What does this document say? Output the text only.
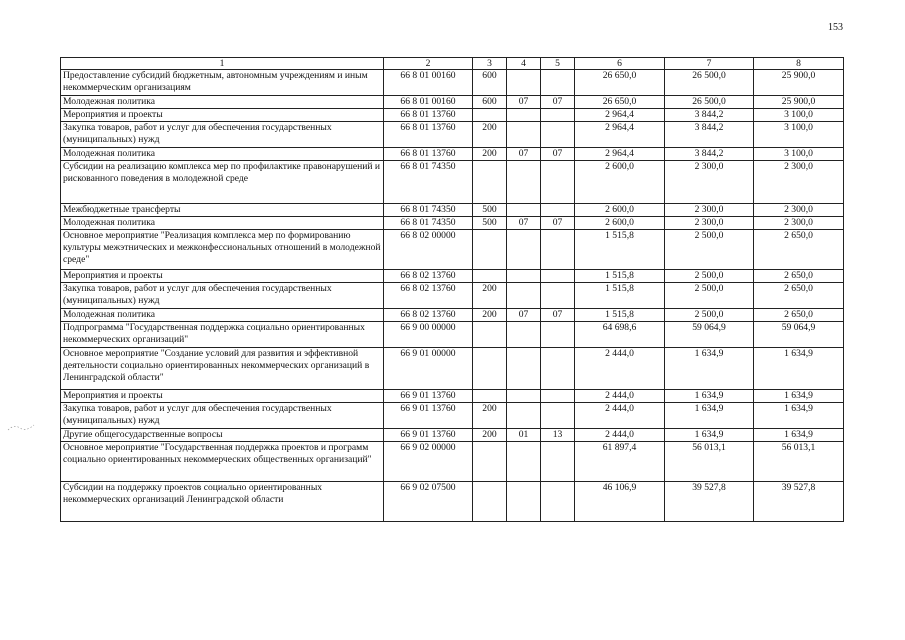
153
1	2	3	4	5	6	7	8
Предоставление субсидий бюджетным, автономным учреждениям и иным некоммерческим организациям	66 8 01 00160	600			26 650,0	26 500,0	25 900,0
Молодежная политика	66 8 01 00160	600	07	07	26 650,0	26 500,0	25 900,0
Мероприятия и проекты	66 8 01 13760				2 964,4	3 844,2	3 100,0
Закупка товаров, работ и услуг для обеспечения государственных (муниципальных) нужд	66 8 01 13760	200			2 964,4	3 844,2	3 100,0
Молодежная политика	66 8 01 13760	200	07	07	2 964,4	3 844,2	3 100,0
Субсидии на реализацию комплекса мер по профилактике правонарушений и рискованного поведения в молодежной среде	66 8 01 74350				2 600,0	2 300,0	2 300,0
Межбюджетные трансферты	66 8 01 74350	500			2 600,0	2 300,0	2 300,0
Молодежная политика	66 8 01 74350	500	07	07	2 600,0	2 300,0	2 300,0
Основное мероприятие "Реализация комплекса мер по формированию культуры межэтнических и межконфессиональных отношений в молодежной среде"	66 8 02 00000				1 515,8	2 500,0	2 650,0
Мероприятия и проекты	66 8 02 13760				1 515,8	2 500,0	2 650,0
Закупка товаров, работ и услуг для обеспечения государственных (муниципальных) нужд	66 8 02 13760	200			1 515,8	2 500,0	2 650,0
Молодежная политика	66 8 02 13760	200	07	07	1 515,8	2 500,0	2 650,0
Подпрограмма "Государственная поддержка социально ориентированных некоммерческих организаций"	66 9 00 00000				64 698,6	59 064,9	59 064,9
Основное мероприятие "Создание условий для развития и эффективной деятельности социально ориентированных некоммерческих организаций в Ленинградской области"	66 9 01 00000				2 444,0	1 634,9	1 634,9
Мероприятия и проекты	66 9 01 13760				2 444,0	1 634,9	1 634,9
Закупка товаров, работ и услуг для обеспечения государственных (муниципальных) нужд	66 9 01 13760	200			2 444,0	1 634,9	1 634,9
Другие общегосударственные вопросы	66 9 01 13760	200	01	13	2 444,0	1 634,9	1 634,9
Основное мероприятие "Государственная поддержка проектов и программ социально ориентированных некоммерческих общественных организаций"	66 9 02 00000				61 897,4	56 013,1	56 013,1
Субсидии на поддержку проектов социально ориентированных некоммерческих организаций Ленинградской области	66 9 02 07500				46 106,9	39 527,8	39 527,8
